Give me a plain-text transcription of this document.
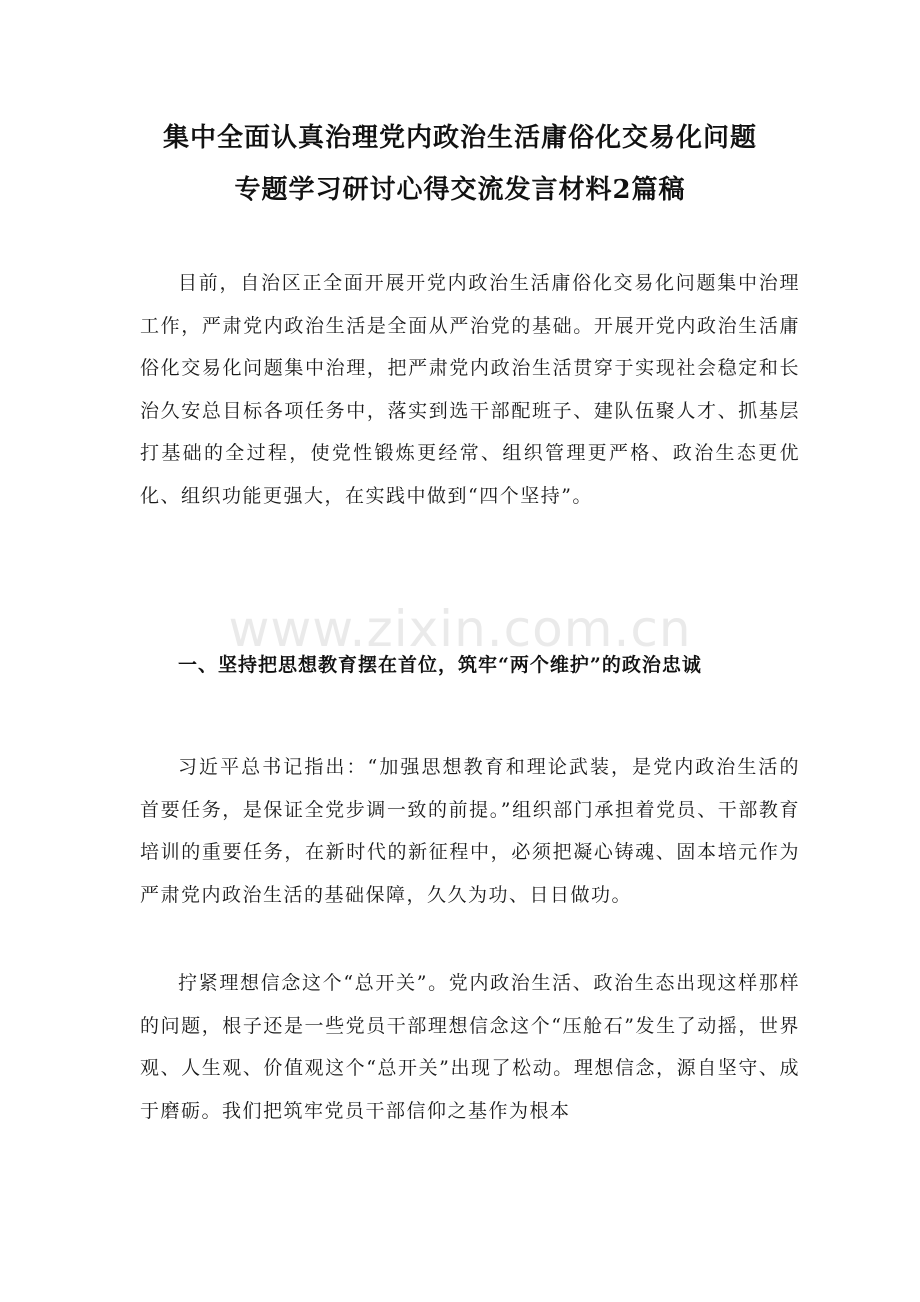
集中全面认真治理党内政治生活庸俗化交易化问题
专题学习研讨心得交流发言材料2篇稿
目前，自治区正全面开展开党内政治生活庸俗化交易化问题集中治理工作，严肃党内政治生活是全面从严治党的基础。开展开党内政治生活庸俗化交易化问题集中治理，把严肃党内政治生活贯穿于实现社会稳定和长治久安总目标各项任务中，落实到选干部配班子、建队伍聚人才、抓基层打基础的全过程，使党性锻炼更经常、组织管理更严格、政治生态更优化、组织功能更强大，在实践中做到“四个坚持”。
www.zixin.com.cn
一、坚持把思想教育摆在首位，筑牢“两个维护”的政治忠诚
习近平总书记指出：“加强思想教育和理论武装，是党内政治生活的首要任务，是保证全党步调一致的前提。”组织部门承担着党员、干部教育培训的重要任务，在新时代的新征程中，必须把凝心铸魂、固本培元作为严肃党内政治生活的基础保障，久久为功、日日做功。
拧紧理想信念这个“总开关”。党内政治生活、政治生态出现这样那样的问题，根子还是一些党员干部理想信念这个“压舱石”发生了动摇，世界观、人生观、价值观这个“总开关”出现了松动。理想信念，源自坚守、成于磨砺。我们把筑牢党员干部信仰之基作为根本
